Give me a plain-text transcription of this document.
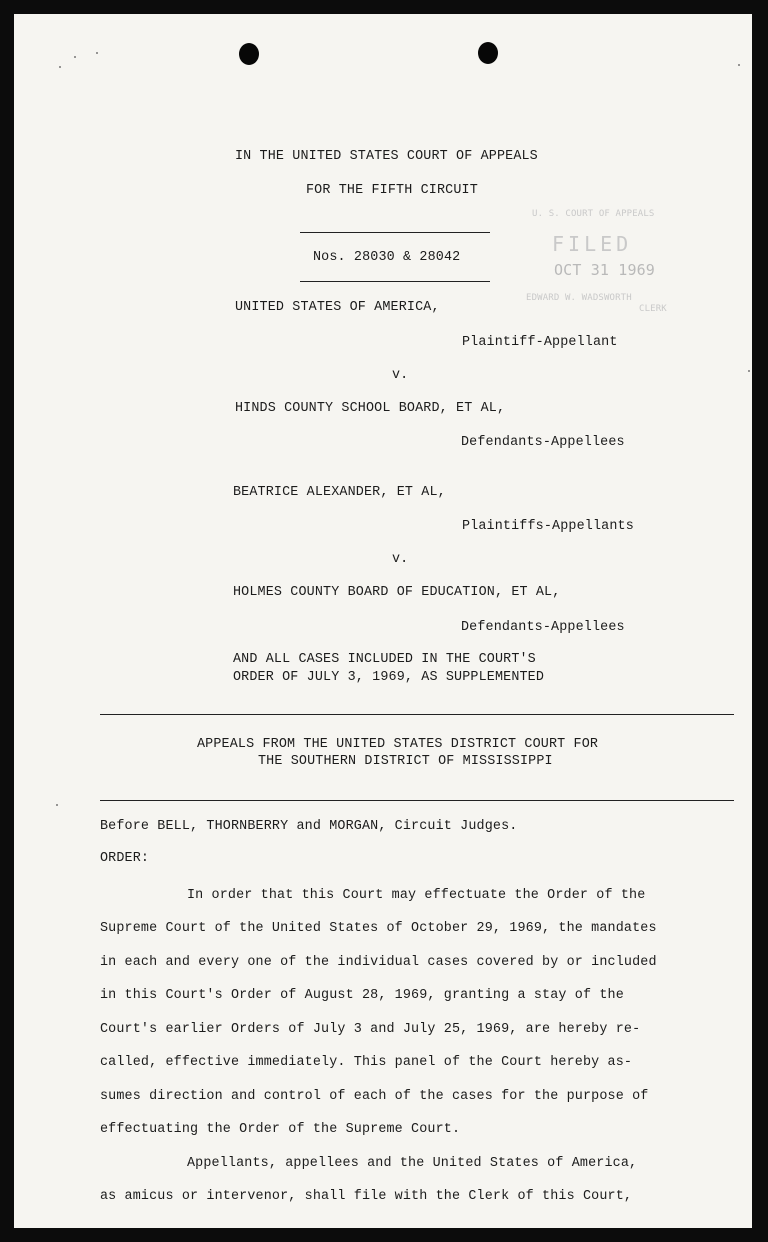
IN THE UNITED STATES COURT OF APPEALS

FOR THE FIFTH CIRCUIT

Nos. 28030 & 28042

U. S. COURT OF APPEALS

FILED

OCT 31 1969

EDWARD W. WADSWORTH

CLERK

UNITED STATES OF AMERICA,

Plaintiff-Appellant

v.

HINDS COUNTY SCHOOL BOARD, ET AL,

Defendants-Appellees

BEATRICE ALEXANDER, ET AL,

Plaintiffs-Appellants

v.

HOLMES COUNTY BOARD OF EDUCATION, ET AL,

Defendants-Appellees

AND ALL CASES INCLUDED IN THE COURT'S

ORDER OF JULY 3, 1969, AS SUPPLEMENTED

APPEALS FROM THE UNITED STATES DISTRICT COURT FOR

THE SOUTHERN DISTRICT OF MISSISSIPPI

Before BELL, THORNBERRY and MORGAN, Circuit Judges.

ORDER:

In order that this Court may effectuate the Order of the

Supreme Court of the United States of October 29, 1969, the mandates

in each and every one of the individual cases covered by or included

in this Court's Order of August 28, 1969, granting a stay of the

Court's earlier Orders of July 3 and July 25, 1969, are hereby re-

called, effective immediately. This panel of the Court hereby as-

sumes direction and control of each of the cases for the purpose of

effectuating the Order of the Supreme Court.

Appellants, appellees and the United States of America,

as amicus or intervenor, shall file with the Clerk of this Court,
